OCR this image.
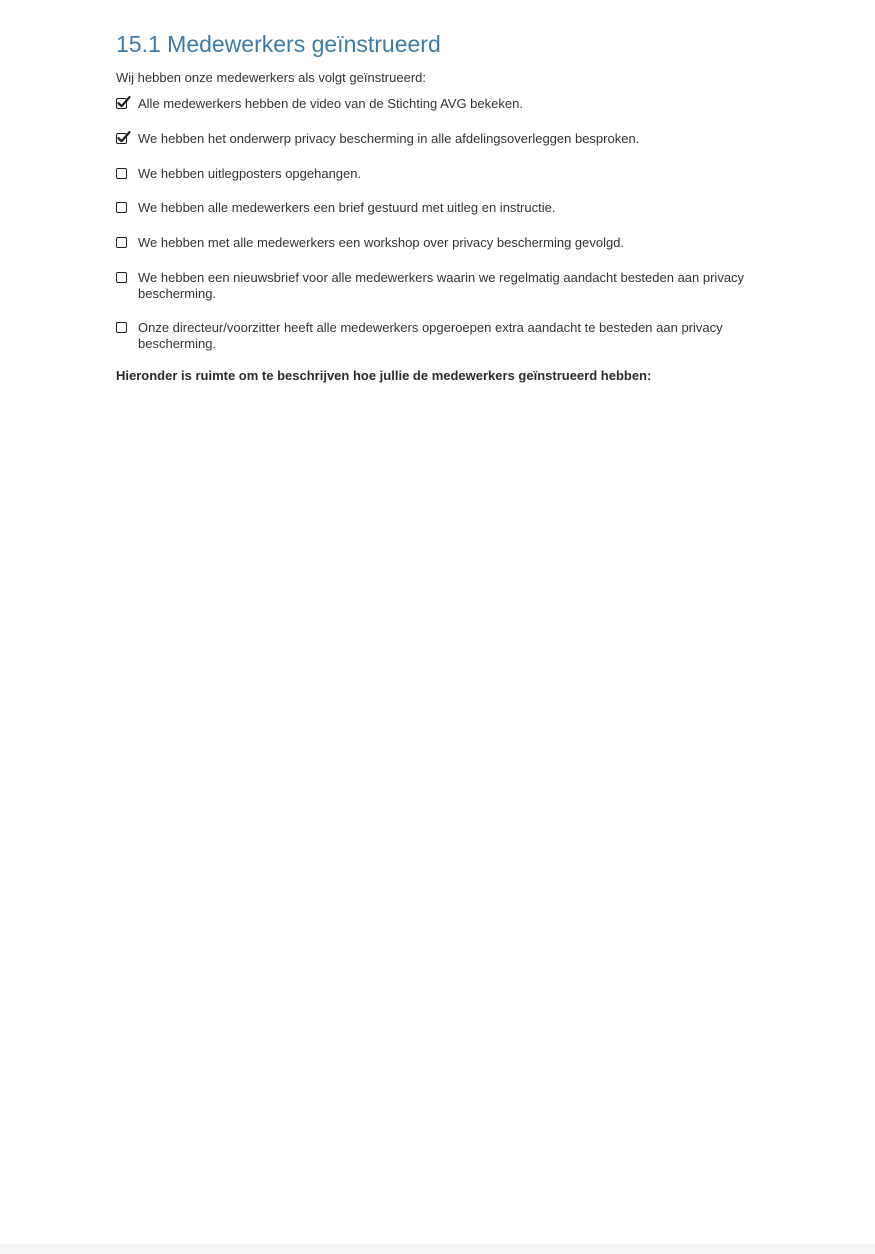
15.1 Medewerkers geïnstrueerd
Wij hebben onze medewerkers als volgt geïnstrueerd:
Alle medewerkers hebben de video van de Stichting AVG bekeken.
We hebben het onderwerp privacy bescherming in alle afdelingsoverleggen besproken.
We hebben uitlegposters opgehangen.
We hebben alle medewerkers een brief gestuurd met uitleg en instructie.
We hebben met alle medewerkers een workshop over privacy bescherming gevolgd.
We hebben een nieuwsbrief voor alle medewerkers waarin we regelmatig aandacht besteden aan privacy bescherming.
Onze directeur/voorzitter heeft alle medewerkers opgeroepen extra aandacht te besteden aan privacy bescherming.
Hieronder is ruimte om te beschrijven hoe jullie de medewerkers geïnstrueerd hebben:
